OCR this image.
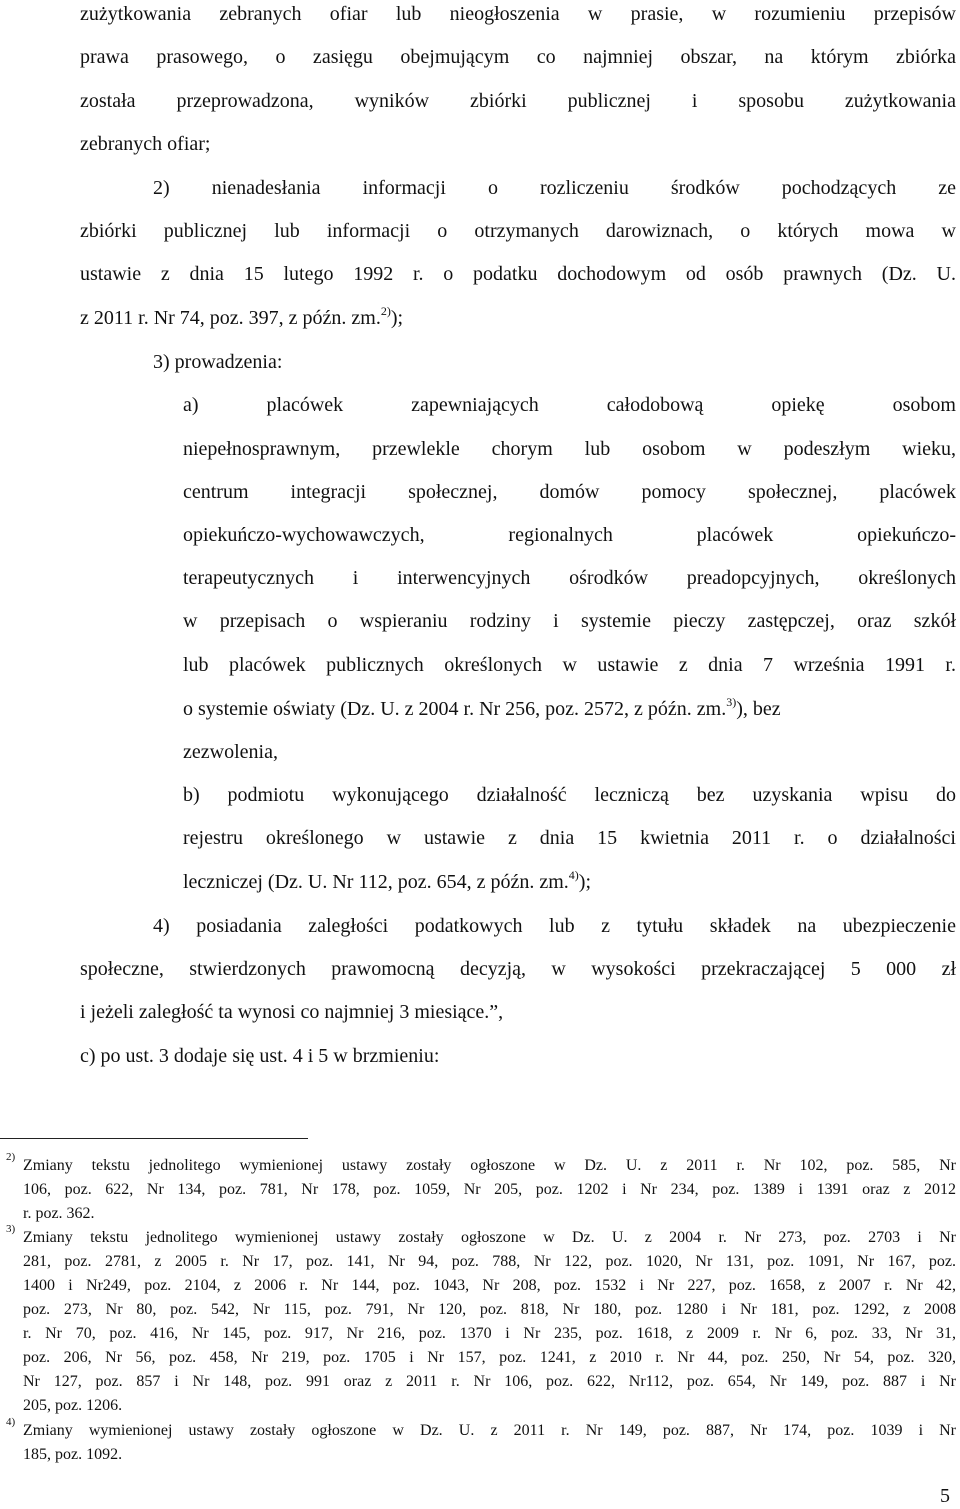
zużytkowania zebranych ofiar lub nieogłoszenia w prasie, w rozumieniu przepisów
prawa prasowego, o zasięgu obejmującym co najmniej obszar, na którym zbiórka
została przeprowadzona, wyników zbiórki publicznej i sposobu zużytkowania
zebranych ofiar;
2) nienadesłania informacji o rozliczeniu środków pochodzących ze
zbiórki publicznej lub informacji o otrzymanych darowiznach, o których mowa w
ustawie z dnia 15 lutego 1992 r. o podatku dochodowym od osób prawnych (Dz. U.
z 2011 r. Nr 74, poz. 397, z późn. zm.$^{2)}$);
3) prowadzenia:
a) placówek zapewniających całodobową opiekę osobom
niepełnosprawnym, przewlekle chorym lub osobom w podeszłym wieku,
centrum integracji społecznej, domów pomocy społecznej, placówek
opiekuńczo-wychowawczych, regionalnych placówek opiekuńczo-
terapeutycznych i interwencyjnych ośrodków preadopcyjnych, określonych
w przepisach o wspieraniu rodziny i systemie pieczy zastępczej, oraz szkół
lub placówek publicznych określonych w ustawie z dnia 7 września 1991 r.
o systemie oświaty (Dz. U. z 2004 r. Nr 256, poz. 2572, z późn. zm.$^{3)}$), bez
zezwolenia,
b) podmiotu wykonującego działalność leczniczą bez uzyskania wpisu do
rejestru określonego w ustawie z dnia 15 kwietnia 2011 r. o działalności
leczniczej (Dz. U. Nr 112, poz. 654, z późn. zm.$^{4)}$);
4) posiadania zaległości podatkowych lub z tytułu składek na ubezpieczenie
społeczne, stwierdzonych prawomocną decyzją, w wysokości przekraczającej 5 000 zł
i jeżeli zaległość ta wynosi co najmniej 3 miesiące.”,
c) po ust. 3 dodaje się ust. 4 i 5 w brzmieniu:
2) Zmiany tekstu jednolitego wymienionej ustawy zostały ogłoszone w Dz. U. z 2011 r. Nr 102, poz. 585, Nr
106, poz. 622, Nr 134, poz. 781, Nr 178, poz. 1059, Nr 205, poz. 1202 i Nr 234, poz. 1389 i 1391 oraz z 2012
r. poz. 362.
3) Zmiany tekstu jednolitego wymienionej ustawy zostały ogłoszone w Dz. U. z 2004 r. Nr 273, poz. 2703 i Nr
281, poz. 2781, z 2005 r. Nr 17, poz. 141, Nr 94, poz. 788, Nr 122, poz. 1020, Nr 131, poz. 1091, Nr 167, poz.
1400 i Nr249, poz. 2104, z 2006 r. Nr 144, poz. 1043, Nr 208, poz. 1532 i Nr 227, poz. 1658, z 2007 r. Nr 42,
poz. 273, Nr 80, poz. 542, Nr 115, poz. 791, Nr 120, poz. 818, Nr 180, poz. 1280 i Nr 181, poz. 1292, z 2008
r. Nr 70, poz. 416, Nr 145, poz. 917, Nr 216, poz. 1370 i Nr 235, poz. 1618, z 2009 r. Nr 6, poz. 33, Nr 31,
poz. 206, Nr 56, poz. 458, Nr 219, poz. 1705 i Nr 157, poz. 1241, z 2010 r. Nr 44, poz. 250, Nr 54, poz. 320,
Nr 127, poz. 857 i Nr 148, poz. 991 oraz z 2011 r. Nr 106, poz. 622, Nr112, poz. 654, Nr 149, poz. 887 i Nr
205, poz. 1206.
4) Zmiany wymienionej ustawy zostały ogłoszone w Dz. U. z 2011 r. Nr 149, poz. 887, Nr 174, poz. 1039 i Nr
185, poz. 1092.
5
